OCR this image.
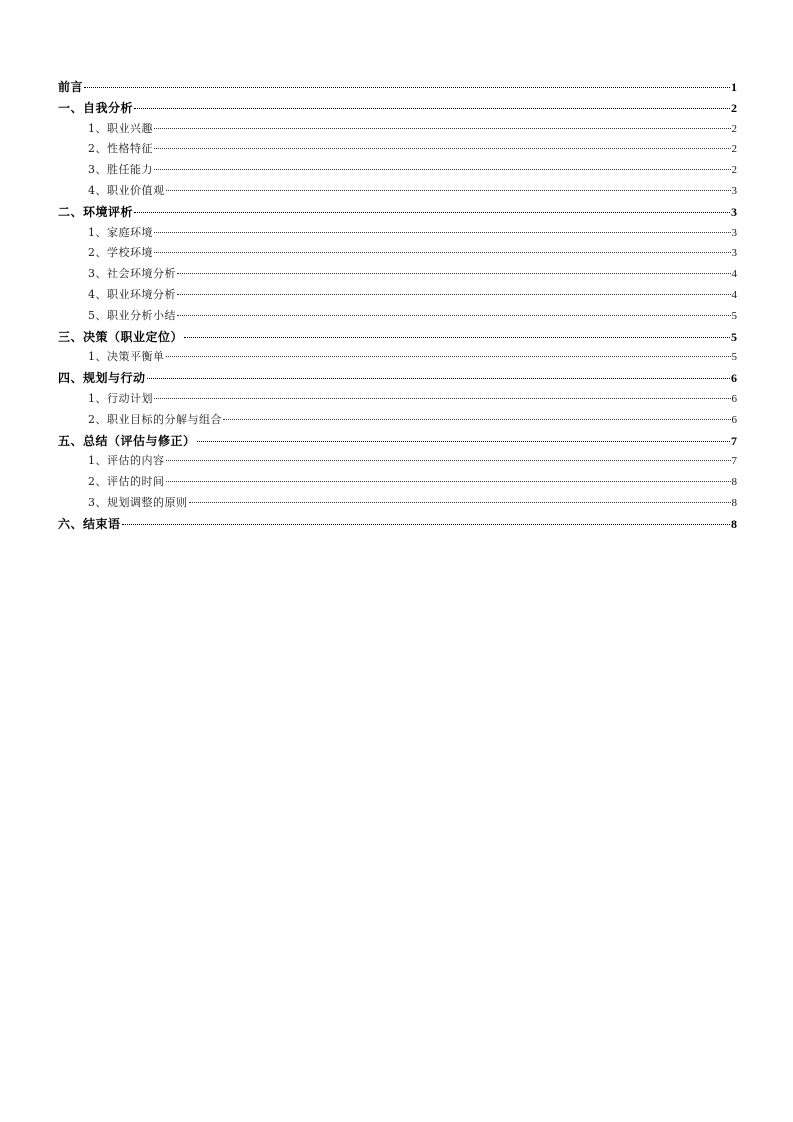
前言	1
一、自我分析	2
1、职业兴趣	2
2、性格特征	2
3、胜任能力	2
4、职业价值观	3
二、环境评析	3
1、家庭环境	3
2、学校环境	3
3、社会环境分析	4
4、职业环境分析	4
5、职业分析小结	5
三、决策（职业定位）	5
1、决策平衡单	5
四、规划与行动	6
1、行动计划	6
2、职业目标的分解与组合	6
五、总结（评估与修正）	7
1、评估的内容	7
2、评估的时间	8
3、规划调整的原则	8
六、结束语	8
